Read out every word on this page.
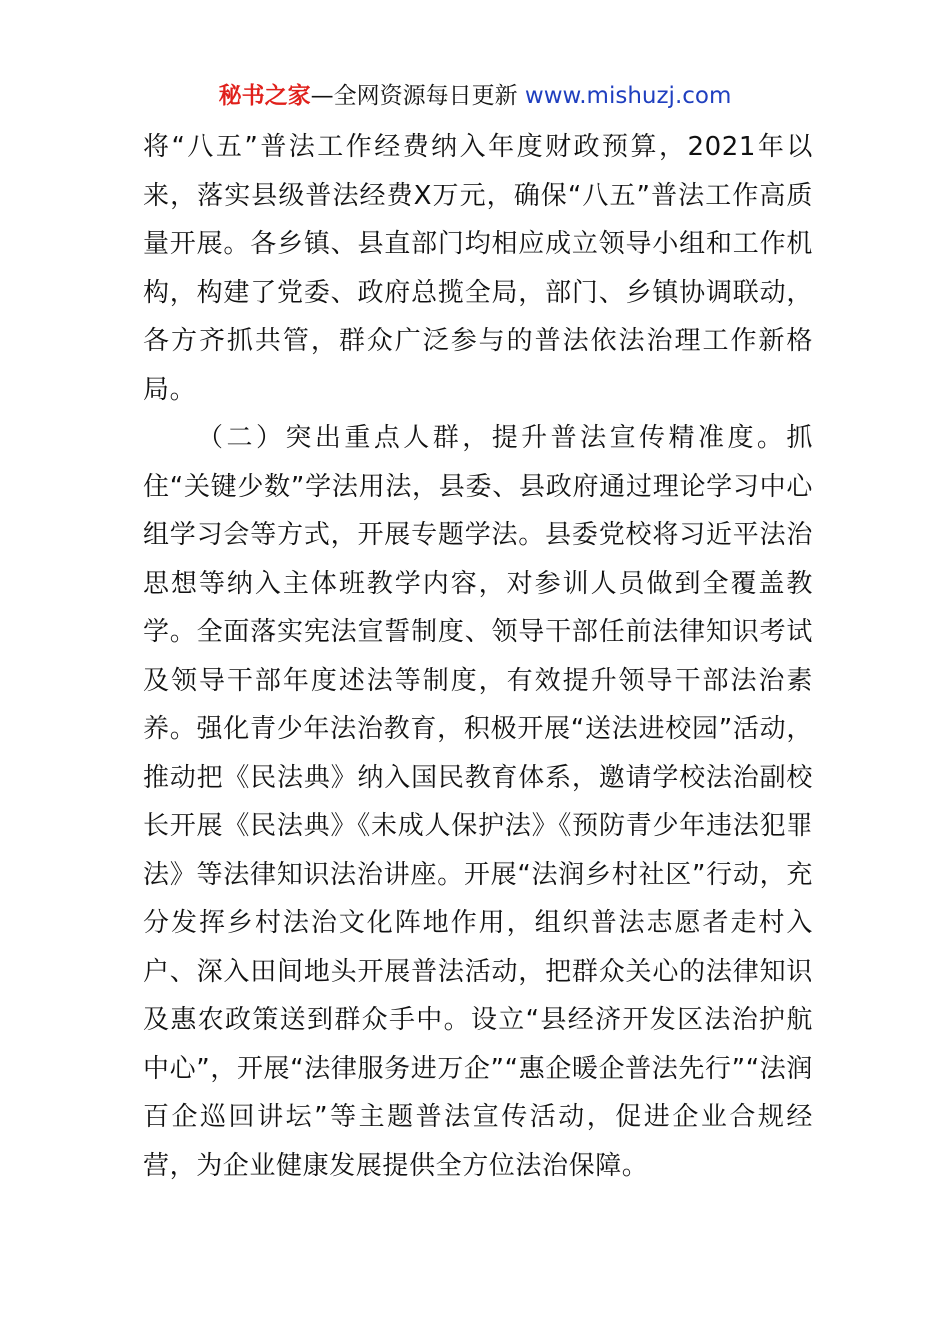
秘书之家—全网资源每日更新 www.mishuzj.com

将“八五”普法工作经费纳入年度财政预算，2021年以来，落实县级普法经费X万元，确保“八五”普法工作高质量开展。各乡镇、县直部门均相应成立领导小组和工作机构，构建了党委、政府总揽全局，部门、乡镇协调联动，各方齐抓共管，群众广泛参与的普法依法治理工作新格局。

（二）突出重点人群，提升普法宣传精准度。抓住“关键少数”学法用法，县委、县政府通过理论学习中心组学习会等方式，开展专题学法。县委党校将习近平法治思想等纳入主体班教学内容，对参训人员做到全覆盖教学。全面落实宪法宣誓制度、领导干部任前法律知识考试及领导干部年度述法等制度，有效提升领导干部法治素养。强化青少年法治教育，积极开展“送法进校园”活动，推动把《民法典》纳入国民教育体系，邀请学校法治副校长开展《民法典》《未成人保护法》《预防青少年违法犯罪法》等法律知识法治讲座。开展“法润乡村社区”行动，充分发挥乡村法治文化阵地作用，组织普法志愿者走村入户、深入田间地头开展普法活动，把群众关心的法律知识及惠农政策送到群众手中。设立“县经济开发区法治护航中心”，开展“法律服务进万企”“惠企暖企普法先行”“法润百企巡回讲坛”等主题普法宣传活动，促进企业合规经营，为企业健康发展提供全方位法治保障。
